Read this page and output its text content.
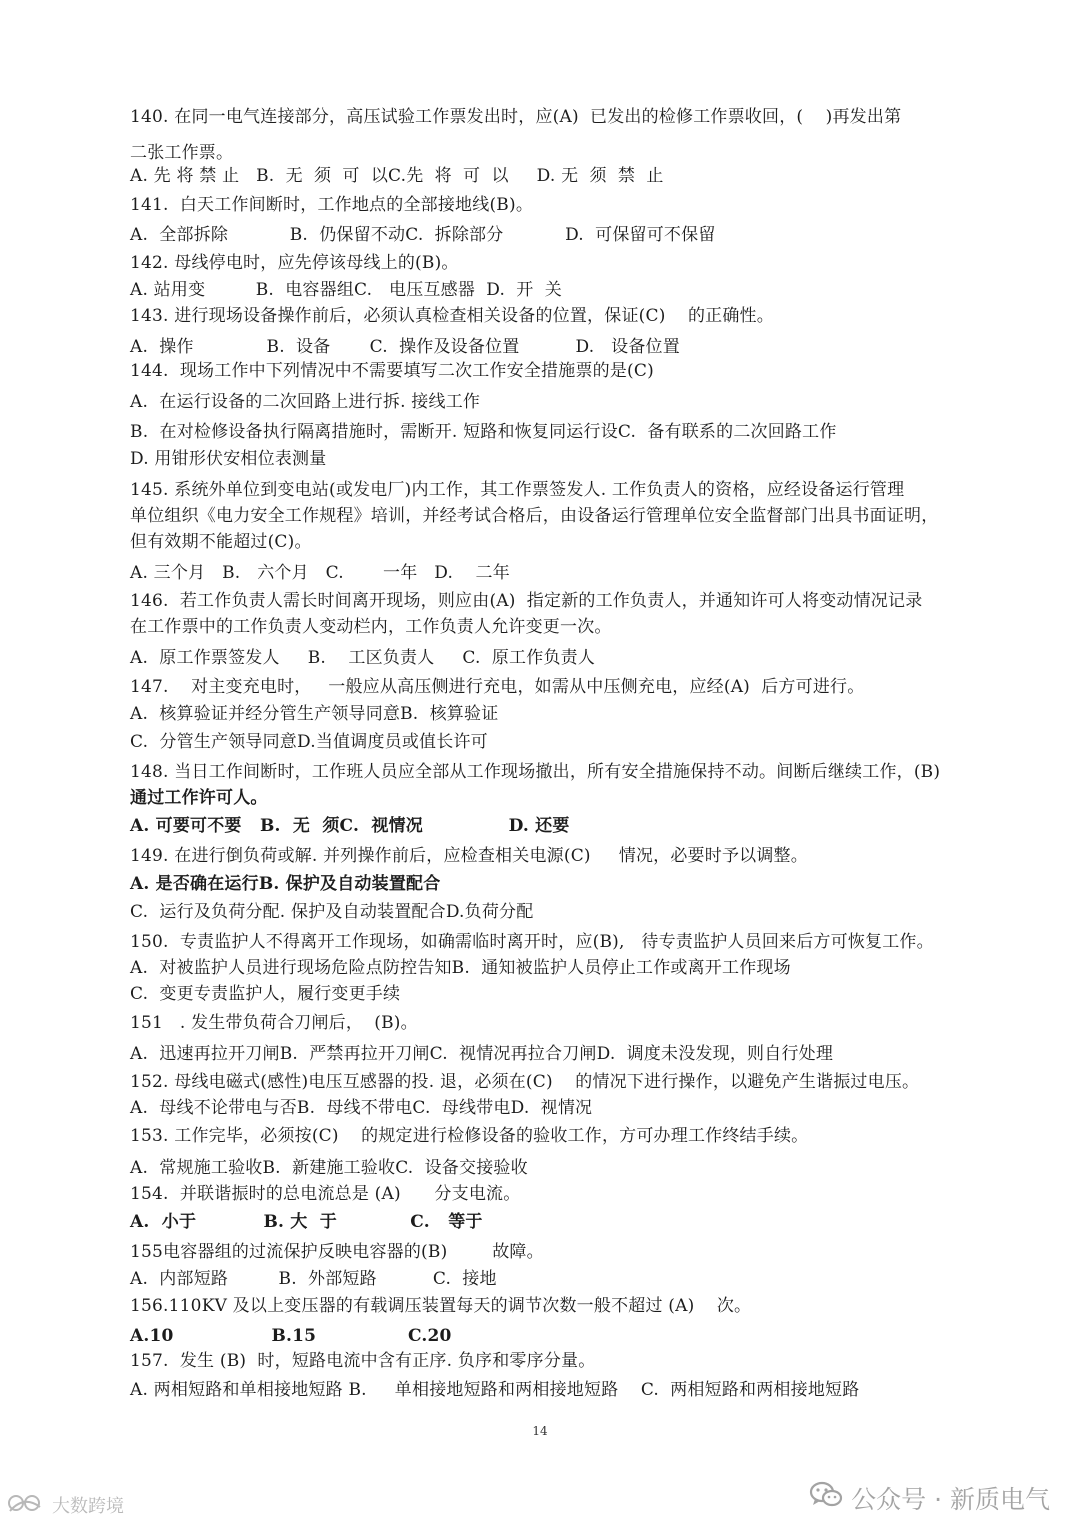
140. 在同一电气连接部分，高压试验工作票发出时，应(A)  已发出的检修工作票收回，(    )再发出第
二张工作票。
A. 先 将 禁 止   B.  无  须  可  以C.先  将  可  以     D. 无  须  禁  止
141.  白天工作间断时，工作地点的全部接地线(B)。
A.  全部拆除           B.  仍保留不动C.  拆除部分           D.  可保留可不保留
142. 母线停电时，应先停该母线上的(B)。
A. 站用变         B.  电容器组C.   电压互感器  D.  开  关
143. 进行现场设备操作前后，必须认真检查相关设备的位置，保证(C)    的正确性。
A.  操作             B.  设备       C.  操作及设备位置          D.   设备位置
144.  现场工作中下列情况中不需要填写二次工作安全措施票的是(C)
A.  在运行设备的二次回路上进行拆. 接线工作
B.  在对检修设备执行隔离措施时，需断开. 短路和恢复同运行设C.  备有联系的二次回路工作
D. 用钳形伏安相位表测量
145. 系统外单位到变电站(或发电厂)内工作，其工作票签发人. 工作负责人的资格，应经设备运行管理
单位组织《电力安全工作规程》培训，并经考试合格后，由设备运行管理单位安全监督部门出具书面证明，
但有效期不能超过(C)。
A. 三个月   B.   六个月   C.       一年   D.    二年
146.  若工作负责人需长时间离开现场，则应由(A)  指定新的工作负责人，并通知许可人将变动情况记录
在工作票中的工作负责人变动栏内，工作负责人允许变更一次。
A.  原工作票签发人     B.    工区负责人     C.  原工作负责人
147.    对主变充电时，   一般应从高压侧进行充电，如需从中压侧充电，应经(A)  后方可进行。
A.  核算验证并经分管生产领导同意B.  核算验证
C.  分管生产领导同意D.当值调度员或值长许可
148. 当日工作间断时，工作班人员应全部从工作现场撤出，所有安全措施保持不动。间断后继续工作，(B)
通过工作许可人。
A. 可要可不要   B.  无  须C.  视情况              D. 还要
149. 在进行倒负荷或解. 并列操作前后，应检查相关电源(C)     情况，必要时予以调整。
A. 是否确在运行B. 保护及自动装置配合
C.  运行及负荷分配. 保护及自动装置配合D.负荷分配
150.  专责监护人不得离开工作现场，如确需临时离开时，应(B),   待专责监护人员回来后方可恢复工作。
A.  对被监护人员进行现场危险点防控告知B.  通知被监护人员停止工作或离开工作现场
C.  变更专责监护人，履行变更手续
151   . 发生带负荷合刀闸后，  (B)。
A.  迅速再拉开刀闸B.  严禁再拉开刀闸C.  视情况再拉合刀闸D.  调度未没发现，则自行处理
152. 母线电磁式(感性)电压互感器的投. 退，必须在(C)    的情况下进行操作，以避免产生谐振过电压。
A.  母线不论带电与否B.  母线不带电C.  母线带电D.  视情况
153. 工作完毕，必须按(C)    的规定进行检修设备的验收工作，方可办理工作终结手续。
A.  常规施工验收B.  新建施工验收C.  设备交接验收
154.  并联谐振时的总电流总是 (A)      分支电流。
A.  小于           B. 大  于            C.   等于
155电容器组的过流保护反映电容器的(B)        故障。
A.  内部短路         B.  外部短路          C.  接地
156.110KV 及以上变压器的有载调压装置每天的调节次数一般不超过 (A)    次。
A.10                B.15               C.20
157.  发生 (B)  时，短路电流中含有正序. 负序和零序分量。
A. 两相短路和单相接地短路 B.     单相接地短路和两相接地短路    C.  两相短路和两相接地短路
14
公众号 · 新质电气
大数跨境
